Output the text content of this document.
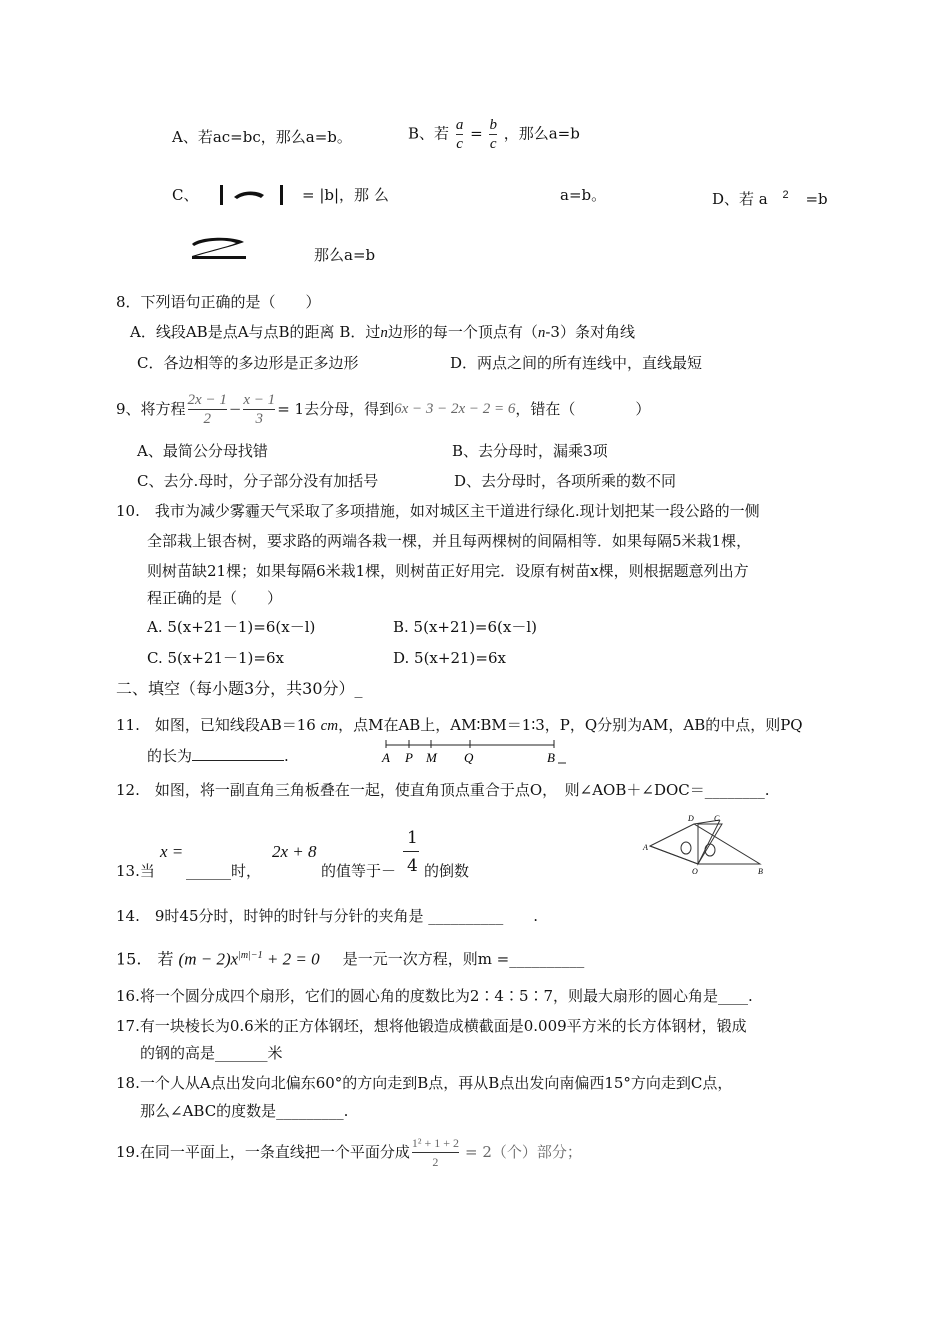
A、若ac=bc，那么a=b。	B、若 $\frac{a}{c} = \frac{b}{c}$ ，那么a=b
C、	= |b|，那 么	a=b。	D、若 a $^2$ =b
那么a=b
8．下列语句正确的是（　　）
A．线段AB是点A与点B的距离 B．过n边形的每一个顶点有（n-3）条对角线
C．各边相等的多边形是正多边形	D．两点之间的所有连线中，直线最短
9、将方程 $\frac{2x - 1}{2} - \frac{x - 1}{3} = 1$去分母，得到 6x − 3 − 2x − 2 = 6 ，错在（　　　　）
A、最简公分母找错	B、去分母时，漏乘3项
C、去分.母时，分子部分没有加括号	D、去分母时，各项所乘的数不同
10.　我市为减少雾霾天气采取了多项措施，如对城区主干道进行绿化.现计划把某一段公路的一侧
全部栽上银杏树，要求路的两端各栽一棵，并且每两棵树的间隔相等．如果每隔5米栽1棵，
则树苗缺21棵；如果每隔6米栽1棵，则树苗正好用完．设原有树苗x棵，则根据题意列出方
程正确的是（　　）
A. 5(x+21－1)=6(x－l)	B. 5(x+21)=6(x－l)
C. 5(x+21－1)=6x	D. 5(x+21)=6x
二、填空（每小题3分，共30分）_
11.　如图，已知线段AB＝16 cm，点M在AB上，AM∶BM＝1∶3，P，Q分别为AM，AB的中点，则PQ
的长为	.	A P M Q	B
12.　如图，将一副直角三角板叠在一起，使直角顶点重合于点O，　则∠AOB＋∠DOC＝________.
D	C
A
O	B
x =	2x + 8
1
4
13.当 ______时，	的值等于－ 的倒数
14.　9时45分时，时钟的时针与分针的夹角是 __________　　.
15.　若 $(m - 2)x^{|m|-1} + 2 = 0$ 是一元一次方程，则m =__________
16.将一个圆分成四个扇形，它们的圆心角的度数比为2∶4∶5∶7，则最大扇形的圆心角是____.
17.有一块棱长为0.6米的正方体钢坯，想将他锻造成横截面是0.009平方米的长方体钢材，锻成
的钢的高是_______米
18.一个人从A点出发向北偏东60°的方向走到B点，再从B点出发向南偏西15°方向走到C点，
那么∠ABC的度数是_________.
19.在同一平面上，一条直线把一个平面分成 $\frac{\text{1² + 1 + 2}}{2} = 2$（个）部分；
